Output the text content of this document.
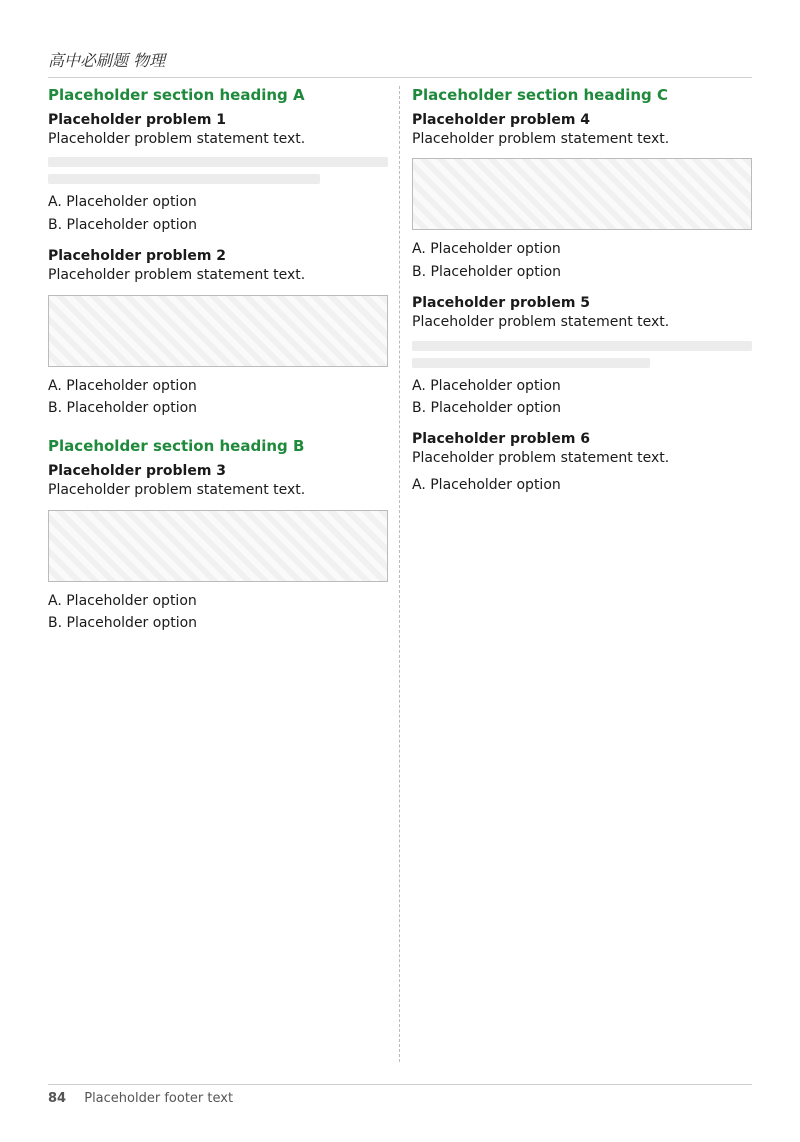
高中必刷题 物理
Placeholder section heading A
Placeholder problem 1
Placeholder problem statement text.
A. Placeholder option
B. Placeholder option
Placeholder problem 2
Placeholder problem statement text.
A. Placeholder option
B. Placeholder option
Placeholder section heading B
Placeholder problem 3
Placeholder problem statement text.
A. Placeholder option
B. Placeholder option
Placeholder section heading C
Placeholder problem 4
Placeholder problem statement text.
A. Placeholder option
B. Placeholder option
Placeholder problem 5
Placeholder problem statement text.
A. Placeholder option
B. Placeholder option
Placeholder problem 6
Placeholder problem statement text.
A. Placeholder option
84 Placeholder footer text
